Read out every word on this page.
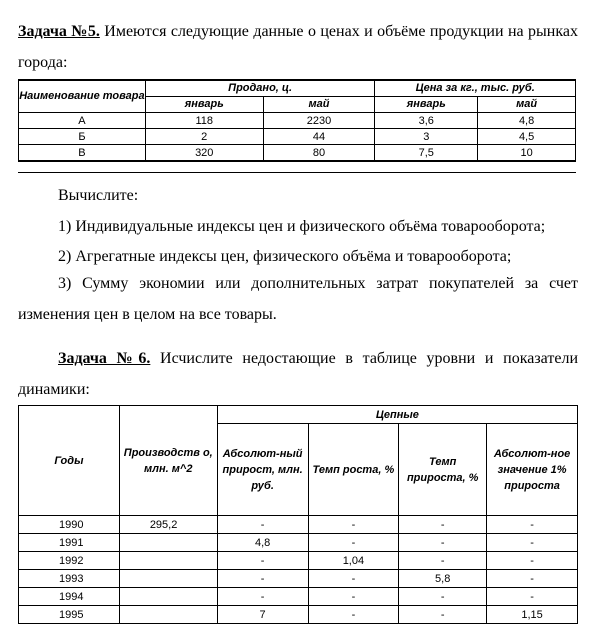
Задача №5. Имеются следующие данные о ценах и объёме продукции на рынках города:
Наименование товара	Продано, ц.		Цена за кг., тыс. руб.	
	январь	май	январь	май
А	118	2230	3,6	4,8
Б	2	44	3	4,5
В	320	80	7,5	10
Вычислите:
1) Индивидуальные индексы цен и физического объёма товарооборота;
2) Агрегатные индексы цен, физического объёма и товарооборота;
3) Сумму экономии или дополнительных затрат покупателей за счет изменения цен в целом на все товары.
Задача №6. Исчислите недостающие в таблице уровни и показатели динамики:
Годы	Производств о, млн. м^2	Цепные			
		Абсолют-ный прирост, млн. руб.	Темп роста, %	Темп прироста, %	Абсолют-ное значение 1% прироста
1990	295,2	-	-	-	-
1991		4,8	-	-	-
1992		-	1,04	-	-
1993		-	-	5,8	-
1994		-	-	-	-
1995		7	-	-	1,15
